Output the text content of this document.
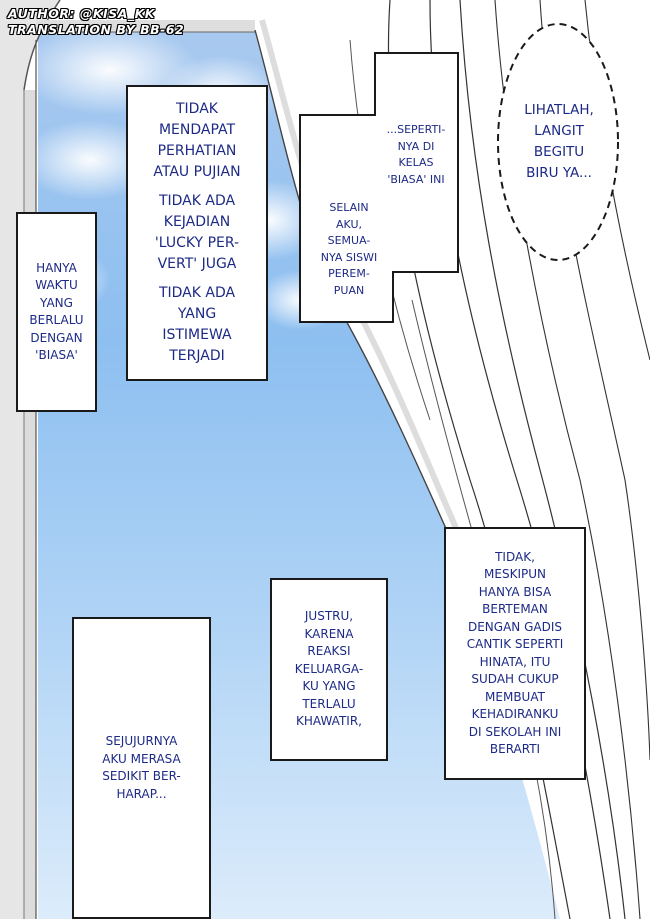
AUTHOR: @KISA_KK
TRANSLATION BY BB-62
HANYA
WAKTU
YANG
BERLALU
DENGAN
'BIASA'
TIDAK
MENDAPAT
PERHATIAN
ATAU PUJIAN
TIDAK ADA
KEJADIAN
'LUCKY PER-
VERT' JUGA
TIDAK ADA
YANG
ISTIMEWA
TERJADI
...SEPERTI-
NYA DI
KELAS
'BIASA' INI
SELAIN
AKU,
SEMUA-
NYA SISWI
PEREM-
PUAN
LIHATLAH,
LANGIT
BEGITU
BIRU YA...
TIDAK,
MESKIPUN
HANYA BISA
BERTEMAN
DENGAN GADIS
CANTIK SEPERTI
HINATA, ITU
SUDAH CUKUP
MEMBUAT
KEHADIRANKU
DI SEKOLAH INI
BERARTI
SEJUJURNYA
AKU MERASA
SEDIKIT BER-
HARAP...
JUSTRU,
KARENA
REAKSI
KELUARGA-
KU YANG
TERLALU
KHAWATIR,
